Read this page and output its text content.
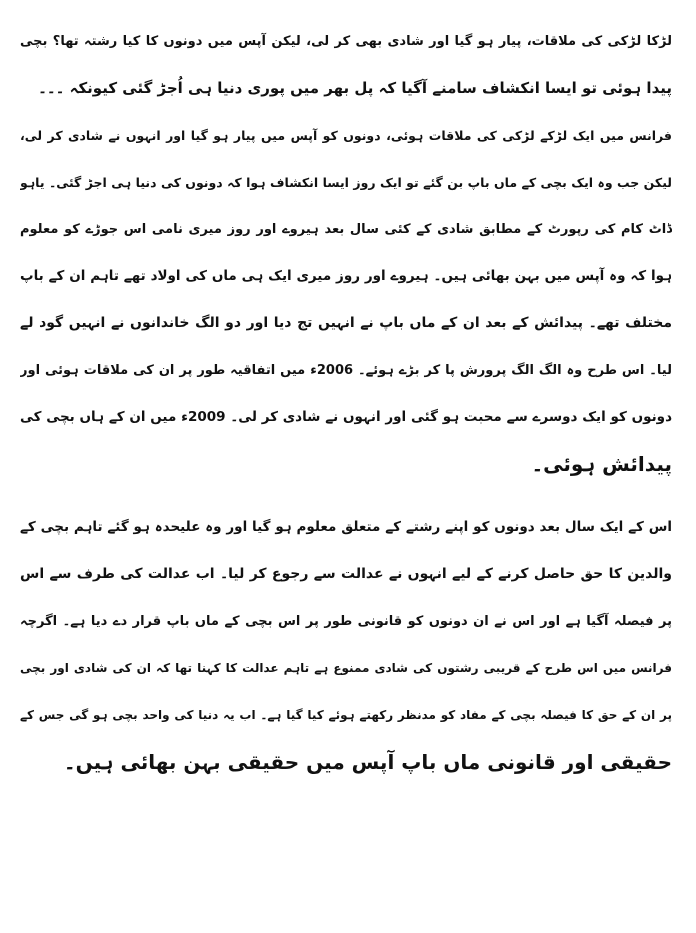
لڑکا لڑکی کی ملاقات، پیار ہو گیا اور شادی بھی کر لی، لیکن آپس میں دونوں کا کیا رشتہ تھا؟ بچی
پیدا ہوئی تو ایسا انکشاف سامنے آگیا کہ پل بھر میں پوری دنیا ہی اُجڑ گئی کیونکہ ۔۔۔
فرانس میں ایک لڑکے لڑکی کی ملاقات ہوئی، دونوں کو آپس میں پیار ہو گیا اور انہوں نے شادی کر لی،
لیکن جب وہ ایک بچی کے ماں باپ بن گئے تو ایک روز ایسا انکشاف ہوا کہ دونوں کی دنیا ہی اجڑ گئی۔ یاہو
ڈاٹ کام کی رپورٹ کے مطابق شادی کے کئی سال بعد ہیروے اور روز میری نامی اس جوڑے کو معلوم
ہوا کہ وہ آپس میں بہن بھائی ہیں۔ ہیروے اور روز میری ایک ہی ماں کی اولاد تھے تاہم ان کے باپ
مختلف تھے۔ پیدائش کے بعد ان کے ماں باپ نے انہیں تج دیا اور دو الگ خاندانوں نے انہیں گود لے
لیا۔ اس طرح وہ الگ الگ پرورش پا کر بڑے ہوئے۔ 2006ء میں اتفاقیہ طور پر ان کی ملاقات ہوئی اور
دونوں کو ایک دوسرے سے محبت ہو گئی اور انہوں نے شادی کر لی۔ 2009ء میں ان کے ہاں بچی کی
پیدائش ہوئی۔
اس کے ایک سال بعد دونوں کو اپنے رشتے کے متعلق معلوم ہو گیا اور وہ علیحدہ ہو گئے تاہم بچی کے
والدین کا حق حاصل کرنے کے لیے انہوں نے عدالت سے رجوع کر لیا۔ اب عدالت کی طرف سے اس
پر فیصلہ آگیا ہے اور اس نے ان دونوں کو قانونی طور پر اس بچی کے ماں باپ قرار دے دیا ہے۔ اگرچہ
فرانس میں اس طرح کے قریبی رشتوں کی شادی ممنوع ہے تاہم عدالت کا کہنا تھا کہ ان کی شادی اور بچی
پر ان کے حق کا فیصلہ بچی کے مفاد کو مدنظر رکھتے ہوئے کیا گیا ہے۔ اب یہ دنیا کی واحد بچی ہو گی جس کے
حقیقی اور قانونی ماں باپ آپس میں حقیقی بہن بھائی ہیں۔
